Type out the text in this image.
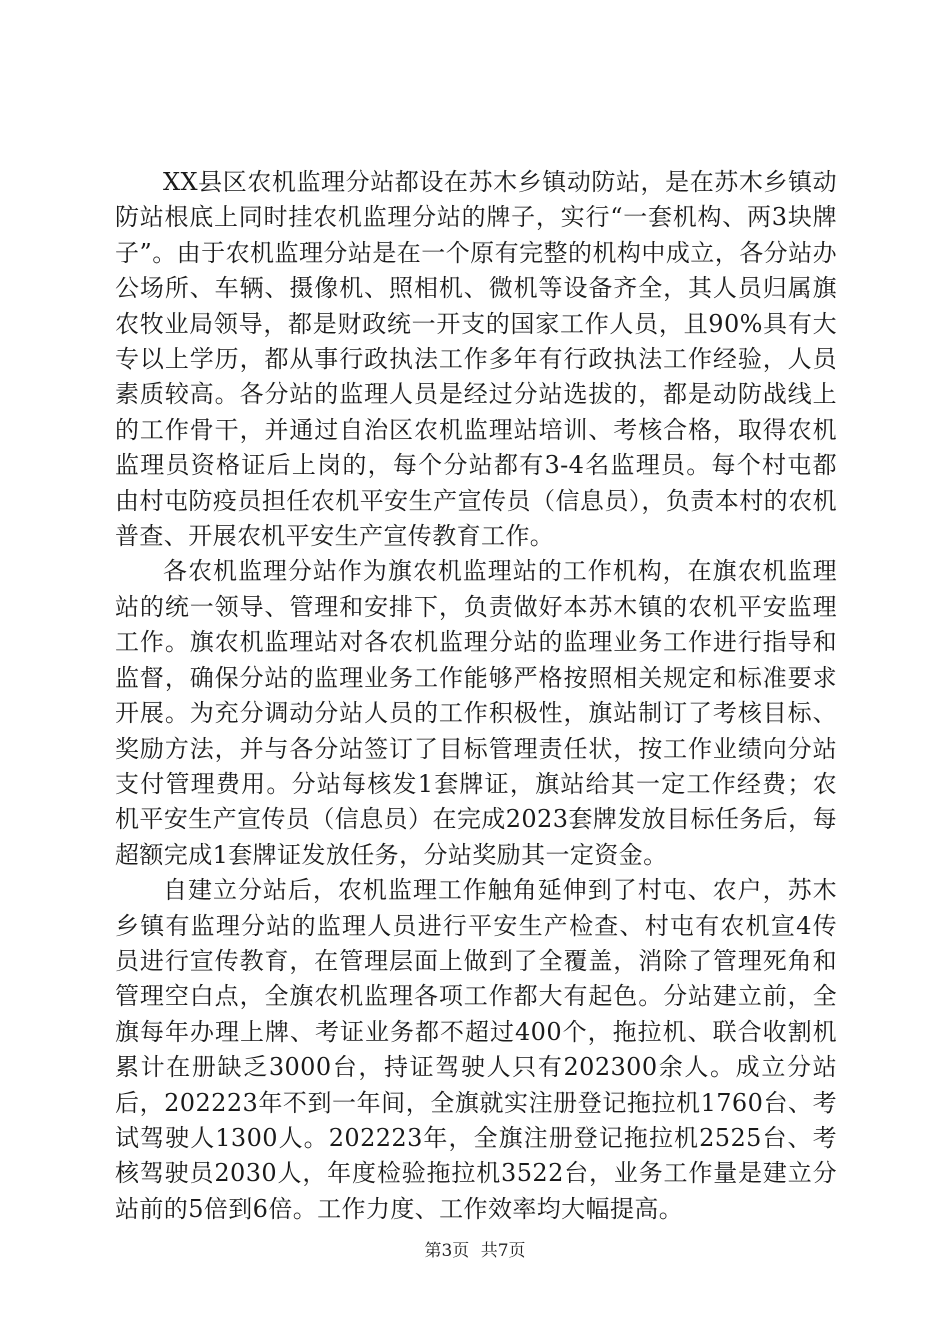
XX县区农机监理分站都设在苏木乡镇动防站，是在苏木乡镇动防站根底上同时挂农机监理分站的牌子，实行“一套机构、两3块牌子”。由于农机监理分站是在一个原有完整的机构中成立，各分站办公场所、车辆、摄像机、照相机、微机等设备齐全，其人员归属旗农牧业局领导，都是财政统一开支的国家工作人员，且90%具有大专以上学历，都从事行政执法工作多年有行政执法工作经验，人员素质较高。各分站的监理人员是经过分站选拔的，都是动防战线上的工作骨干，并通过自治区农机监理站培训、考核合格，取得农机监理员资格证后上岗的，每个分站都有3-4名监理员。每个村屯都由村屯防疫员担任农机平安生产宣传员（信息员），负责本村的农机普查、开展农机平安生产宣传教育工作。

各农机监理分站作为旗农机监理站的工作机构，在旗农机监理站的统一领导、管理和安排下，负责做好本苏木镇的农机平安监理工作。旗农机监理站对各农机监理分站的监理业务工作进行指导和监督，确保分站的监理业务工作能够严格按照相关规定和标准要求开展。为充分调动分站人员的工作积极性，旗站制订了考核目标、奖励方法，并与各分站签订了目标管理责任状，按工作业绩向分站支付管理费用。分站每核发1套牌证，旗站给其一定工作经费；农机平安生产宣传员（信息员）在完成2023套牌发放目标任务后，每超额完成1套牌证发放任务，分站奖励其一定资金。

自建立分站后，农机监理工作触角延伸到了村屯、农户，苏木乡镇有监理分站的监理人员进行平安生产检查、村屯有农机宣4传员进行宣传教育，在管理层面上做到了全覆盖，消除了管理死角和管理空白点，全旗农机监理各项工作都大有起色。分站建立前，全旗每年办理上牌、考证业务都不超过400个，拖拉机、联合收割机累计在册缺乏3000台，持证驾驶人只有202300余人。成立分站后，202223年不到一年间，全旗就实注册登记拖拉机1760台、考试驾驶人1300人。202223年，全旗注册登记拖拉机2525台、考核驾驶员2030人，年度检验拖拉机3522台，业务工作量是建立分站前的5倍到6倍。工作力度、工作效率均大幅提高。

第3页 共7页
